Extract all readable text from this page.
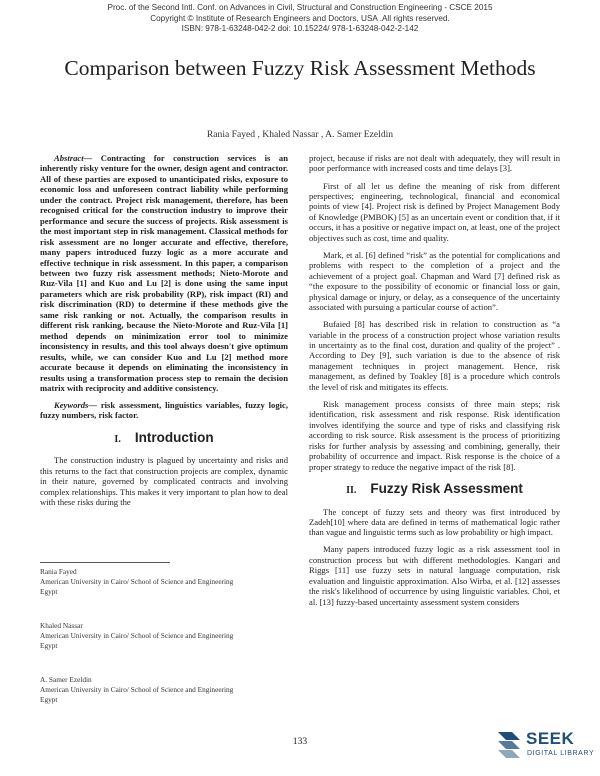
Proc. of the Second Intl. Conf. on Advances in Civil, Structural and Construction Engineering - CSCE 2015
Copyright © Institute of Research Engineers and Doctors, USA .All rights reserved.
ISBN: 978-1-63248-042-2 doi: 10.15224/ 978-1-63248-042-2-142
Comparison between Fuzzy Risk Assessment Methods
Rania Fayed , Khaled Nassar , A. Samer Ezeldin

Abstract— Contracting for construction services is an inherently risky venture for the owner, design agent and contractor. All of these parties are exposed to unanticipated risks, exposure to economic loss and unforeseen contract liability while performing under the contract. Project risk management, therefore, has been recognised critical for the construction industry to improve their performance and secure the success of projects. Risk assessment is the most important step in risk management. Classical methods for risk assessment are no longer accurate and effective, therefore, many papers introduced fuzzy logic as a more accurate and effective technique in risk assessment. In this paper, a comparison between two fuzzy risk assessment methods; Nieto-Morote and Ruz-Vila [1] and Kuo and Lu [2] is done using the same input parameters which are risk probability (RP), risk impact (RI) and risk discrimination (RD) to determine if these methods give the same risk ranking or not. Actually, the comparison results in different risk ranking, because the Nieto-Morote and Ruz-Vila [1] method depends on minimization error tool to minimize inconsistency in results, and this tool always doesn't give optimum results, while, we can consider Kuo and Lu [2] method more accurate because it depends on eliminating the inconsistency in results using a transformation process step to remain the decision matrix with reciprocity and additive consistency.

Keywords— risk assessment, linguistics variables, fuzzy logic, fuzzy numbers, risk factor.

I. Introduction

The construction industry is plagued by uncertainty and risks and this returns to the fact that construction projects are complex, dynamic in their nature, governed by complicated contracts and involving complex relationships. This makes it very important to plan how to deal with these risks during the

Rania Fayed
American University in Cairo/ School of Science and Engineering
Egypt
Khaled Nassar
American University in Cairo/ School of Science and Engineering
Egypt
A. Samer Ezeldin
American University in Cairo/ School of Science and Engineering
Egypt

project, because if risks are not dealt with adequately, they will result in poor performance with increased costs and time delays [3].

First of all let us define the meaning of risk from different perspectives; engineering, technological, financial and economical points of view [4]. Project risk is defined by Project Management Body of Knowledge (PMBOK) [5] as an uncertain event or condition that, if it occurs, it has a positive or negative impact on, at least, one of the project objectives such as cost, time and quality.

Mark, et al. [6] defined “risk” as the potential for complications and problems with respect to the completion of a project and the achievement of a project goal. Chapman and Ward [7] defined risk as “the exposure to the possibility of economic or financial loss or gain, physical damage or injury, or delay, as a consequence of the uncertainty associated with pursuing a particular course of action”.

Bufaied [8] has described risk in relation to construction as “a variable in the process of a construction project whose variation results in uncertainty as to the final cost, duration and quality of the project” . According to Dey [9], such variation is due to the absence of risk management techniques in project management. Hence, risk management, as defined by Toakley [8] is a procedure which controls the level of risk and mitigates its effects.

Risk management process consists of three main steps; risk identification, risk assessment and risk response. Risk identification involves identifying the source and type of risks and classifying risk according to risk source. Risk assessment is the process of prioritizing risks for further analysis by assessing and combining, generally, their probability of occurrence and impact. Risk response is the choice of a proper strategy to reduce the negative impact of the risk [8].

II. Fuzzy Risk Assessment

The concept of fuzzy sets and theory was first introduced by Zadeh[10] where data are defined in terms of mathematical logic rather than vague and linguistic terms such as low probability or high impact.

Many papers introduced fuzzy logic as a risk assessment tool in construction process but with different methodologies. Kangari and Riggs [11] use fuzzy sets in natural language computation, risk evaluation and linguistic approximation. Also Wirba, et al. [12] assesses the risk's likelihood of occurrence by using linguistic variables. Choi, et al. [13] fuzzy-based uncertainty assessment system considers

133	SEEK
DIGITAL LIBRARY
